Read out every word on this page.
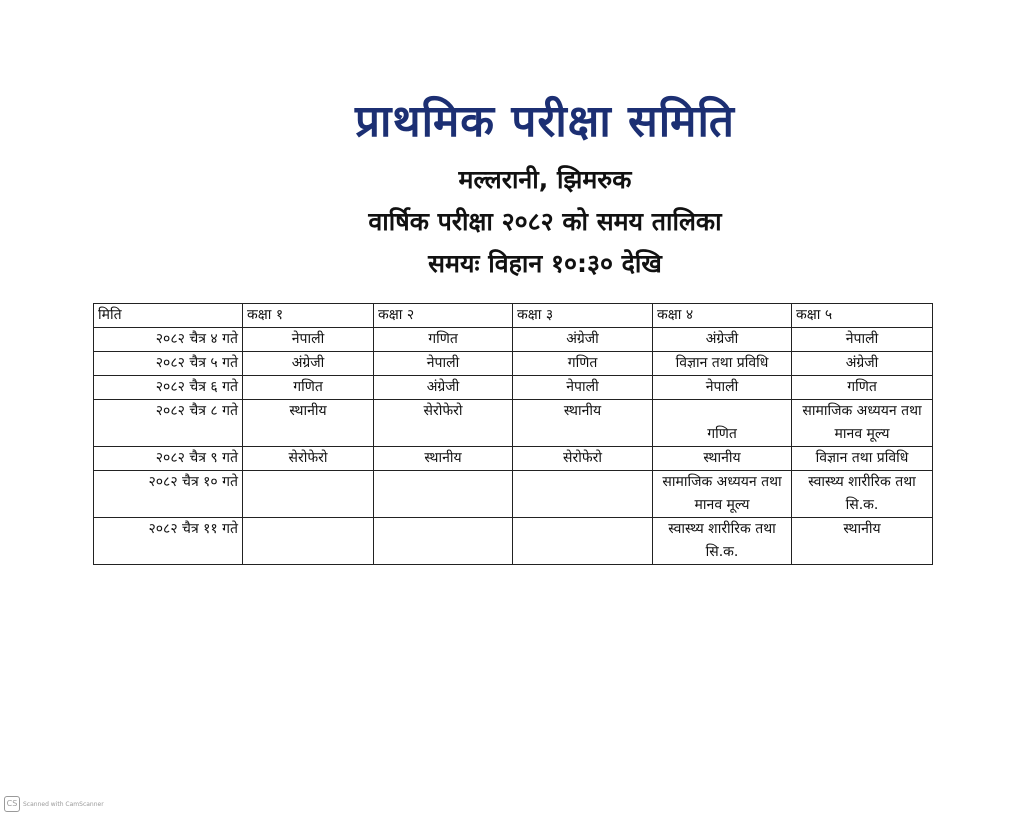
प्राथमिक परीक्षा समिति
मल्लरानी, झिमरुक
वार्षिक परीक्षा २०८२ को समय तालिका
समयः विहान १०:३० देखि
मिति	कक्षा १	कक्षा २	कक्षा ३	कक्षा ४	कक्षा ५
२०८२ चैत्र ४ गते	नेपाली	गणित	अंग्रेजी	अंग्रेजी	नेपाली
२०८२ चैत्र ५ गते	अंग्रेजी	नेपाली	गणित	विज्ञान तथा प्रविधि	अंग्रेजी
२०८२ चैत्र ६ गते	गणित	अंग्रेजी	नेपाली	नेपाली	गणित
२०८२ चैत्र ८ गते	स्थानीय	सेरोफेरो	स्थानीय	गणित	सामाजिक अध्ययन तथा मानव मूल्य
२०८२ चैत्र ९ गते	सेरोफेरो	स्थानीय	सेरोफेरो	स्थानीय	विज्ञान तथा प्रविधि
२०८२ चैत्र १० गते				सामाजिक अध्ययन तथा मानव मूल्य	स्वास्थ्य शारीरिक तथा सि.क.
२०८२ चैत्र ११ गते				स्वास्थ्य शारीरिक तथा सि.क.	स्थानीय
CS Scanned with CamScanner
